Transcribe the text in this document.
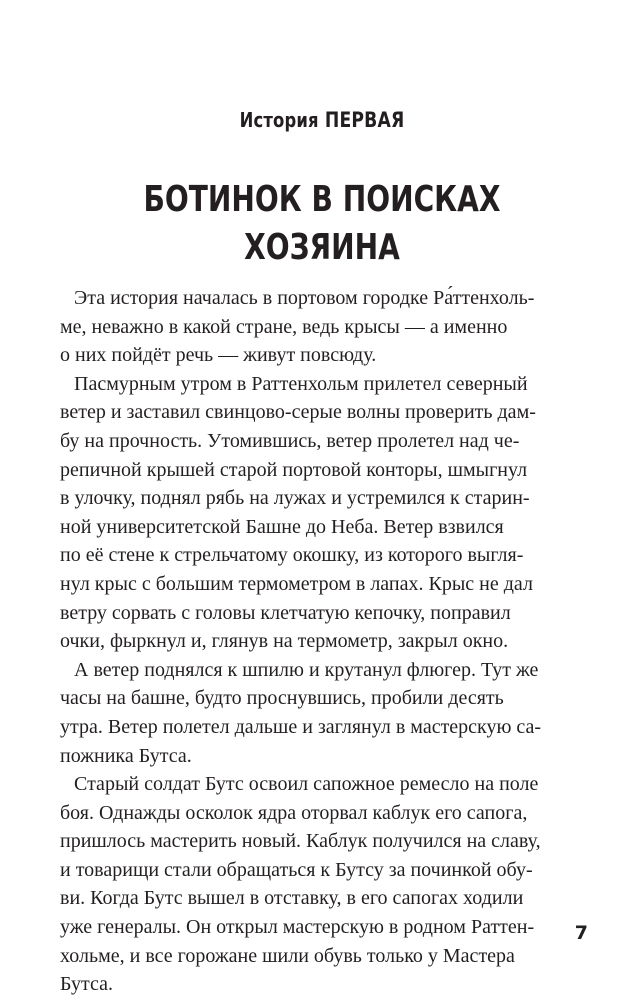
История ПЕРВАЯ
БОТИНОК В ПОИСКАХ
ХОЗЯИНА

Эта история началась в портовом городке Ра́ттенхоль-
ме, неважно в какой стране, ведь крысы — а именно
о них пойдёт речь — живут повсюду.

Пасмурным утром в Раттенхольм прилетел северный
ветер и заставил свинцово-серые волны проверить дам-
бу на прочность. Утомившись, ветер пролетел над че-
репичной крышей старой портовой конторы, шмыгнул
в улочку, поднял рябь на лужах и устремился к старин-
ной университетской Башне до Неба. Ветер взвился
по её стене к стрельчатому окошку, из которого выгля-
нул крыс с большим термометром в лапах. Крыс не дал
ветру сорвать с головы клетчатую кепочку, поправил
очки, фыркнул и, глянув на термометр, закрыл окно.

А ветер поднялся к шпилю и крутанул флюгер. Тут же
часы на башне, будто проснувшись, пробили десять
утра. Ветер полетел дальше и заглянул в мастерскую са-
пожника Бутса.

Старый солдат Бутс освоил сапожное ремесло на поле
боя. Однажды осколок ядра оторвал каблук его сапога,
пришлось мастерить новый. Каблук получился на славу,
и товарищи стали обращаться к Бутсу за починкой обу-
ви. Когда Бутс вышел в отставку, в его сапогах ходили
уже генералы. Он открыл мастерскую в родном Раттен-
хольме, и все горожане шили обувь только у Мастера
Бутса.

7
